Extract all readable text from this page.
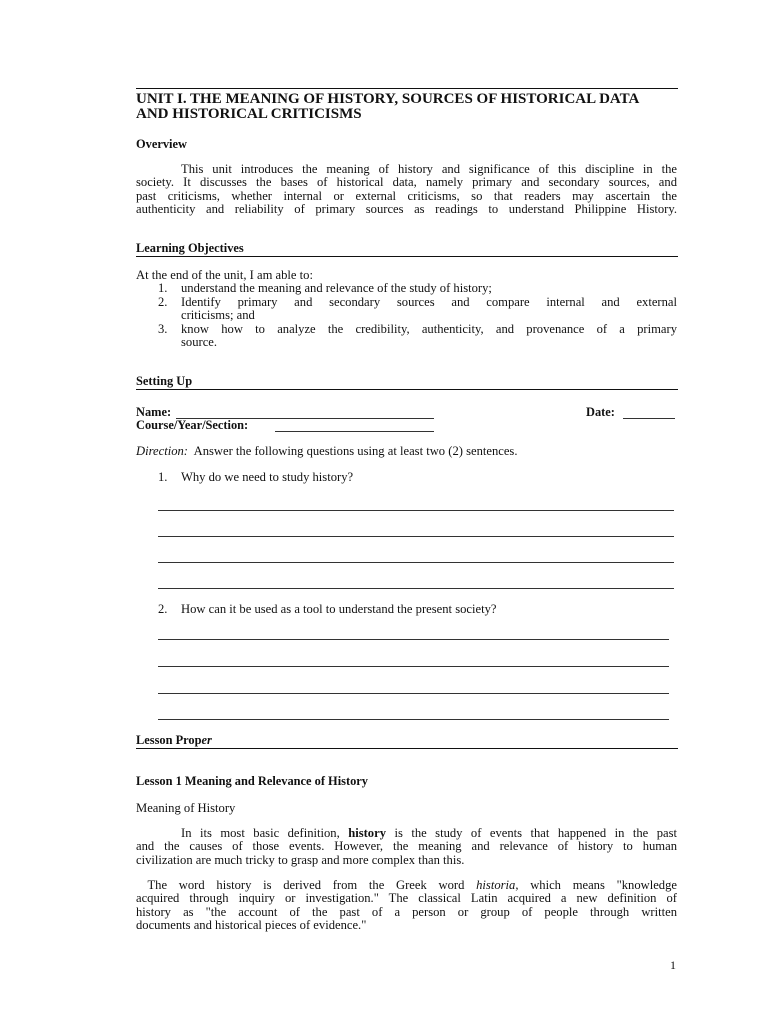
UNIT I. THE MEANING OF HISTORY, SOURCES OF HISTORICAL DATA
AND HISTORICAL CRITICISMS
Overview
This unit introduces the meaning of history and significance of this discipline in the
society. It discusses the bases of historical data, namely primary and secondary sources, and
past criticisms, whether internal or external criticisms, so that readers may ascertain the
authenticity and reliability of primary sources as readings to understand Philippine History.
Learning Objectives
At the end of the unit, I am able to:
1. understand the meaning and relevance of the study of history;
2. Identify primary and secondary sources and compare internal and external
criticisms; and
3. know how to analyze the credibility, authenticity, and provenance of a primary
source.
Setting Up
Name:	Date:
Course/Year/Section:
Direction: Answer the following questions using at least two (2) sentences.
1. Why do we need to study history?
2. How can it be used as a tool to understand the present society?
Lesson Proper
Lesson 1 Meaning and Relevance of History
Meaning of History
In its most basic definition, history is the study of events that happened in the past
and the causes of those events. However, the meaning and relevance of history to human
civilization are much tricky to grasp and more complex than this.
The word history is derived from the Greek word historia, which means "knowledge
acquired through inquiry or investigation." The classical Latin acquired a new definition of
history as "the account of the past of a person or group of people through written
documents and historical pieces of evidence."
1
